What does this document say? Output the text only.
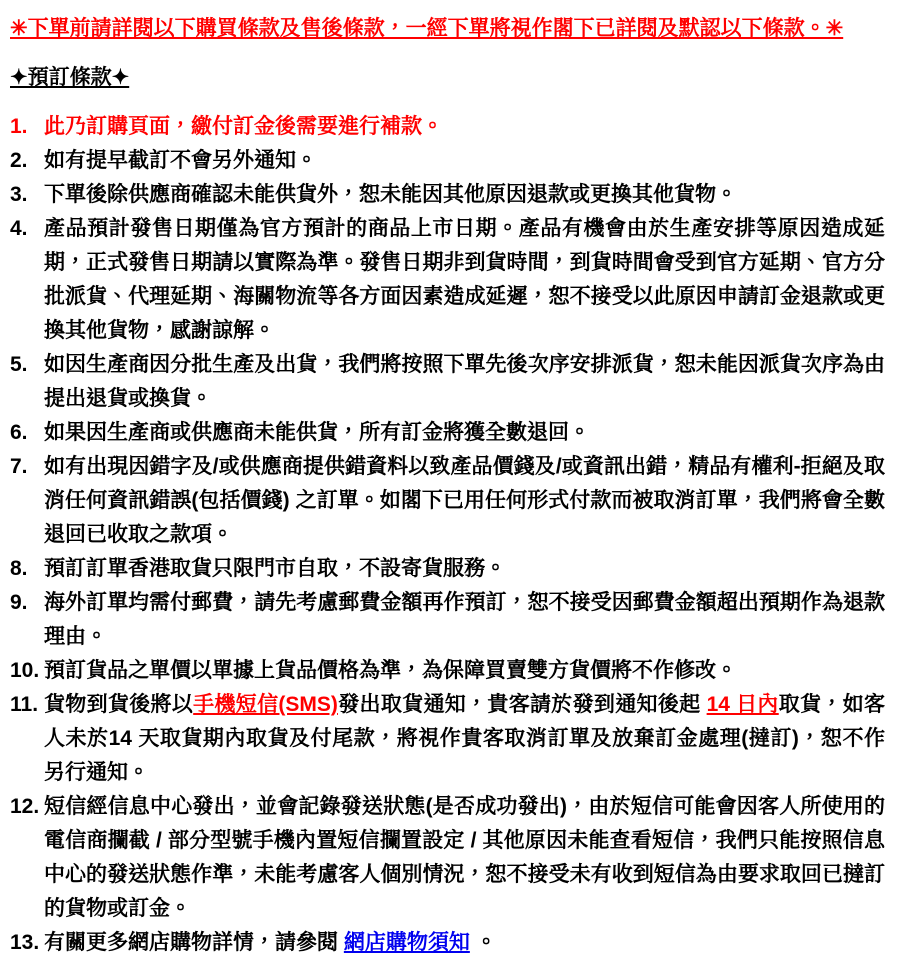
✳下單前請詳閱以下購買條款及售後條款，一經下單將視作閣下已詳閱及默認以下條款。✳

✦預訂條款✦
1. 此乃訂購頁面，繳付訂金後需要進行補款。
2. 如有提早截訂不會另外通知。
3. 下單後除供應商確認未能供貨外，恕未能因其他原因退款或更換其他貨物。
4. 產品預計發售日期僅為官方預計的商品上市日期。產品有機會由於生產安排等原因造成延期，正式發售日期請以實際為準。發售日期非到貨時間，到貨時間會受到官方延期、官方分批派貨、代理延期、海關物流等各方面因素造成延遲，恕不接受以此原因申請訂金退款或更換其他貨物，感謝諒解。
5. 如因生產商因分批生產及出貨，我們將按照下單先後次序安排派貨，恕未能因派貨次序為由提出退貨或換貨。
6. 如果因生產商或供應商未能供貨，所有訂金將獲全數退回。
7. 如有出現因錯字及/或供應商提供錯資料以致產品價錢及/或資訊出錯，精品有權利-拒絕及取消任何資訊錯誤(包括價錢) 之訂單。如閣下已用任何形式付款而被取消訂單，我們將會全數退回已收取之款項。
8. 預訂訂單香港取貨只限門市自取，不設寄貨服務。
9. 海外訂單均需付郵費，請先考慮郵費金額再作預訂，恕不接受因郵費金額超出預期作為退款理由。
10. 預訂貨品之單價以單據上貨品價格為準，為保障買賣雙方貨價將不作修改。
11. 貨物到貨後將以手機短信(SMS)發出取貨通知，貴客請於發到通知後起 14 日內取貨，如客人未於14 天取貨期內取貨及付尾款，將視作貴客取消訂單及放棄訂金處理(撻訂)，恕不作另行通知。
12. 短信經信息中心發出，並會記錄發送狀態(是否成功發出)，由於短信可能會因客人所使用的電信商攔截 / 部分型號手機內置短信攔置設定 / 其他原因未能查看短信，我們只能按照信息中心的發送狀態作準，未能考慮客人個別情況，恕不接受未有收到短信為由要求取回已撻訂的貨物或訂金。
13. 有關更多網店購物詳情，請參閱 網店購物須知 。
